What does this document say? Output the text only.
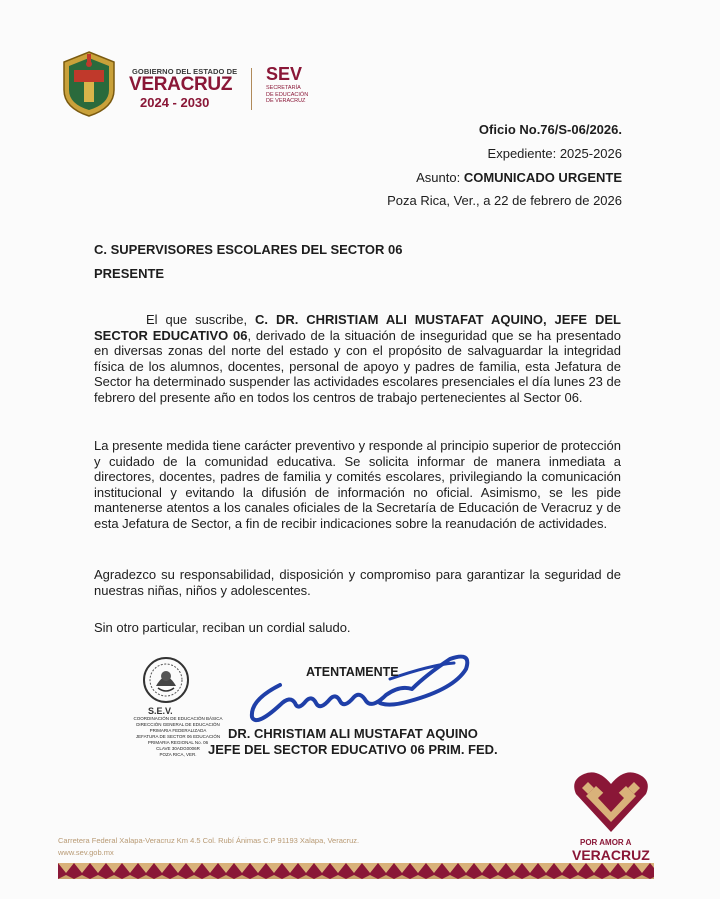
GOBIERNO DEL ESTADO DE
VERACRUZ
2024 - 2030
SEV
SECRETARÍA
DE EDUCACIÓN
DE VERACRUZ
Oficio No.76/S-06/2026.
Expediente: 2025-2026
Asunto: COMUNICADO URGENTE
Poza Rica, Ver., a 22 de febrero de 2026
C. SUPERVISORES ESCOLARES DEL SECTOR 06
PRESENTE
El que suscribe, C. DR. CHRISTIAM ALI MUSTAFAT AQUINO, JEFE DEL SECTOR EDUCATIVO 06, derivado de la situación de inseguridad que se ha presentado en diversas zonas del norte del estado y con el propósito de salvaguardar la integridad física de los alumnos, docentes, personal de apoyo y padres de familia, esta Jefatura de Sector ha determinado suspender las actividades escolares presenciales el día lunes 23 de febrero del presente año en todos los centros de trabajo pertenecientes al Sector 06.
La presente medida tiene carácter preventivo y responde al principio superior de protección y cuidado de la comunidad educativa. Se solicita informar de manera inmediata a directores, docentes, padres de familia y comités escolares, privilegiando la comunicación institucional y evitando la difusión de información no oficial. Asimismo, se les pide mantenerse atentos a los canales oficiales de la Secretaría de Educación de Veracruz y de esta Jefatura de Sector, a fin de recibir indicaciones sobre la reanudación de actividades.
Agradezco su responsabilidad, disposición y compromiso para garantizar la seguridad de nuestras niñas, niños y adolescentes.
Sin otro particular, reciban un cordial saludo.
S.E.V.
COORDINACIÓN DE EDUCACIÓN BÁSICA
DIRECCIÓN GENERAL DE EDUCACIÓN
PRIMARIA FEDERALIZADA
JEFATURA DE SECTOR 06 EDUCACIÓN
PRIMARIA REGIONAL No. 06
CLAVE 30ADG0006R
POZA RICA, VER.
ATENTAMENTE
DR. CHRISTIAM ALI MUSTAFAT AQUINO
JEFE DEL SECTOR EDUCATIVO 06 PRIM. FED.
POR AMOR A
VERACRUZ
Carretera Federal Xalapa-Veracruz Km 4.5 Col. Rubí Ánimas C.P 91193 Xalapa, Veracruz.
www.sev.gob.mx
